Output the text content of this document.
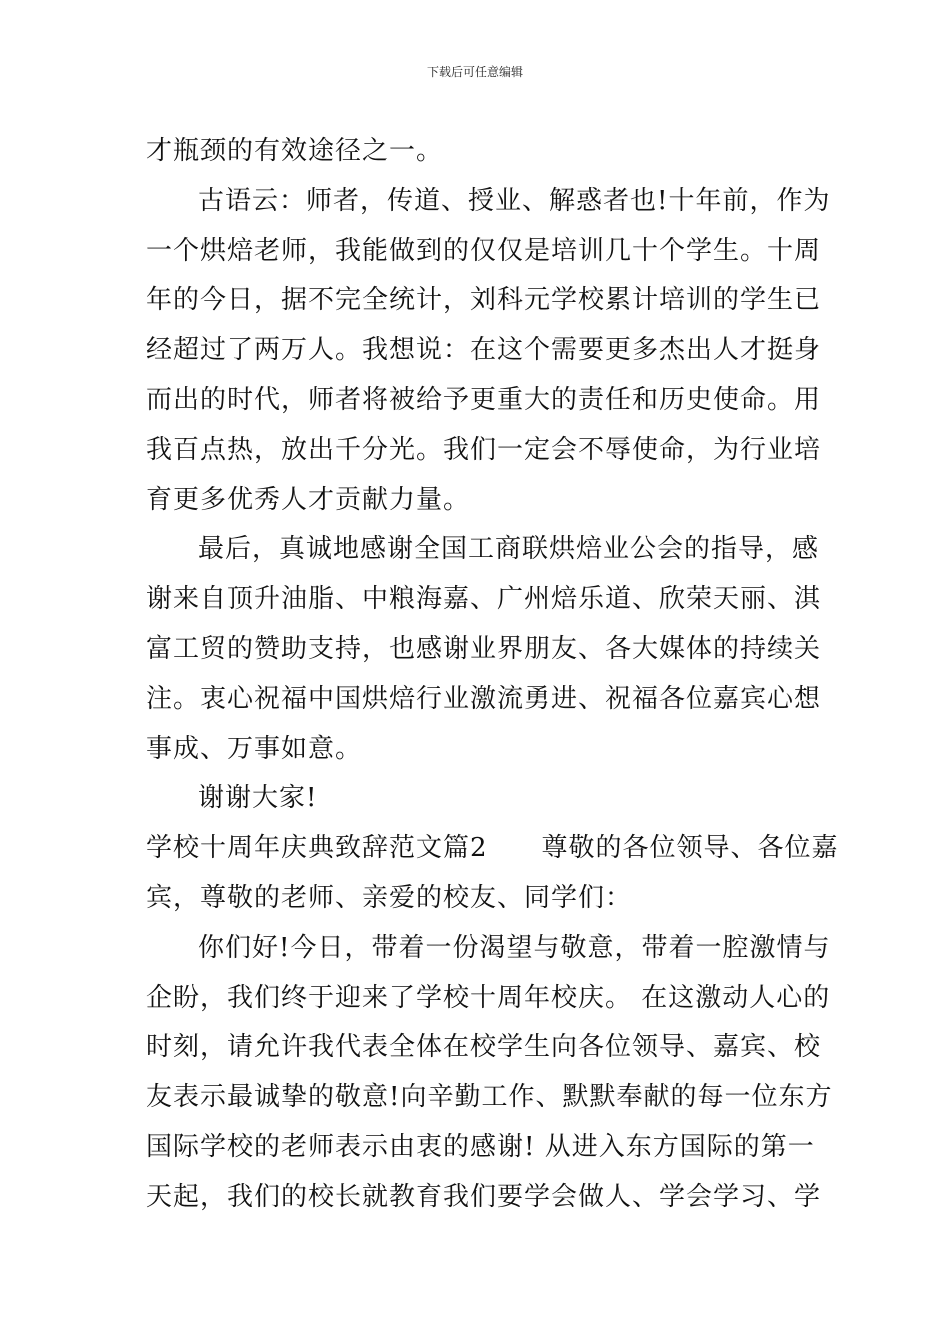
下载后可任意编辑
才瓶颈的有效途径之一。
古语云：师者，传道、授业、解惑者也!十年前，作为
一个烘焙老师，我能做到的仅仅是培训几十个学生。十周
年的今日，据不完全统计，刘科元学校累计培训的学生已
经超过了两万人。我想说：在这个需要更多杰出人才挺身
而出的时代，师者将被给予更重大的责任和历史使命。用
我百点热，放出千分光。我们一定会不辱使命，为行业培
育更多优秀人才贡献力量。
最后，真诚地感谢全国工商联烘焙业公会的指导，感
谢来自顶升油脂、中粮海嘉、广州焙乐道、欣荣天丽、淇
富工贸的赞助支持，也感谢业界朋友、各大媒体的持续关
注。衷心祝福中国烘焙行业激流勇进、祝福各位嘉宾心想
事成、万事如意。
谢谢大家!
学校十周年庆典致辞范文篇2　　尊敬的各位领导、各位嘉
宾，尊敬的老师、亲爱的校友、同学们：
你们好!今日，带着一份渴望与敬意，带着一腔激情与
企盼，我们终于迎来了学校十周年校庆。 在这激动人心的
时刻，请允许我代表全体在校学生向各位领导、嘉宾、校
友表示最诚挚的敬意!向辛勤工作、默默奉献的每一位东方
国际学校的老师表示由衷的感谢! 从进入东方国际的第一
天起，我们的校长就教育我们要学会做人、学会学习、学
